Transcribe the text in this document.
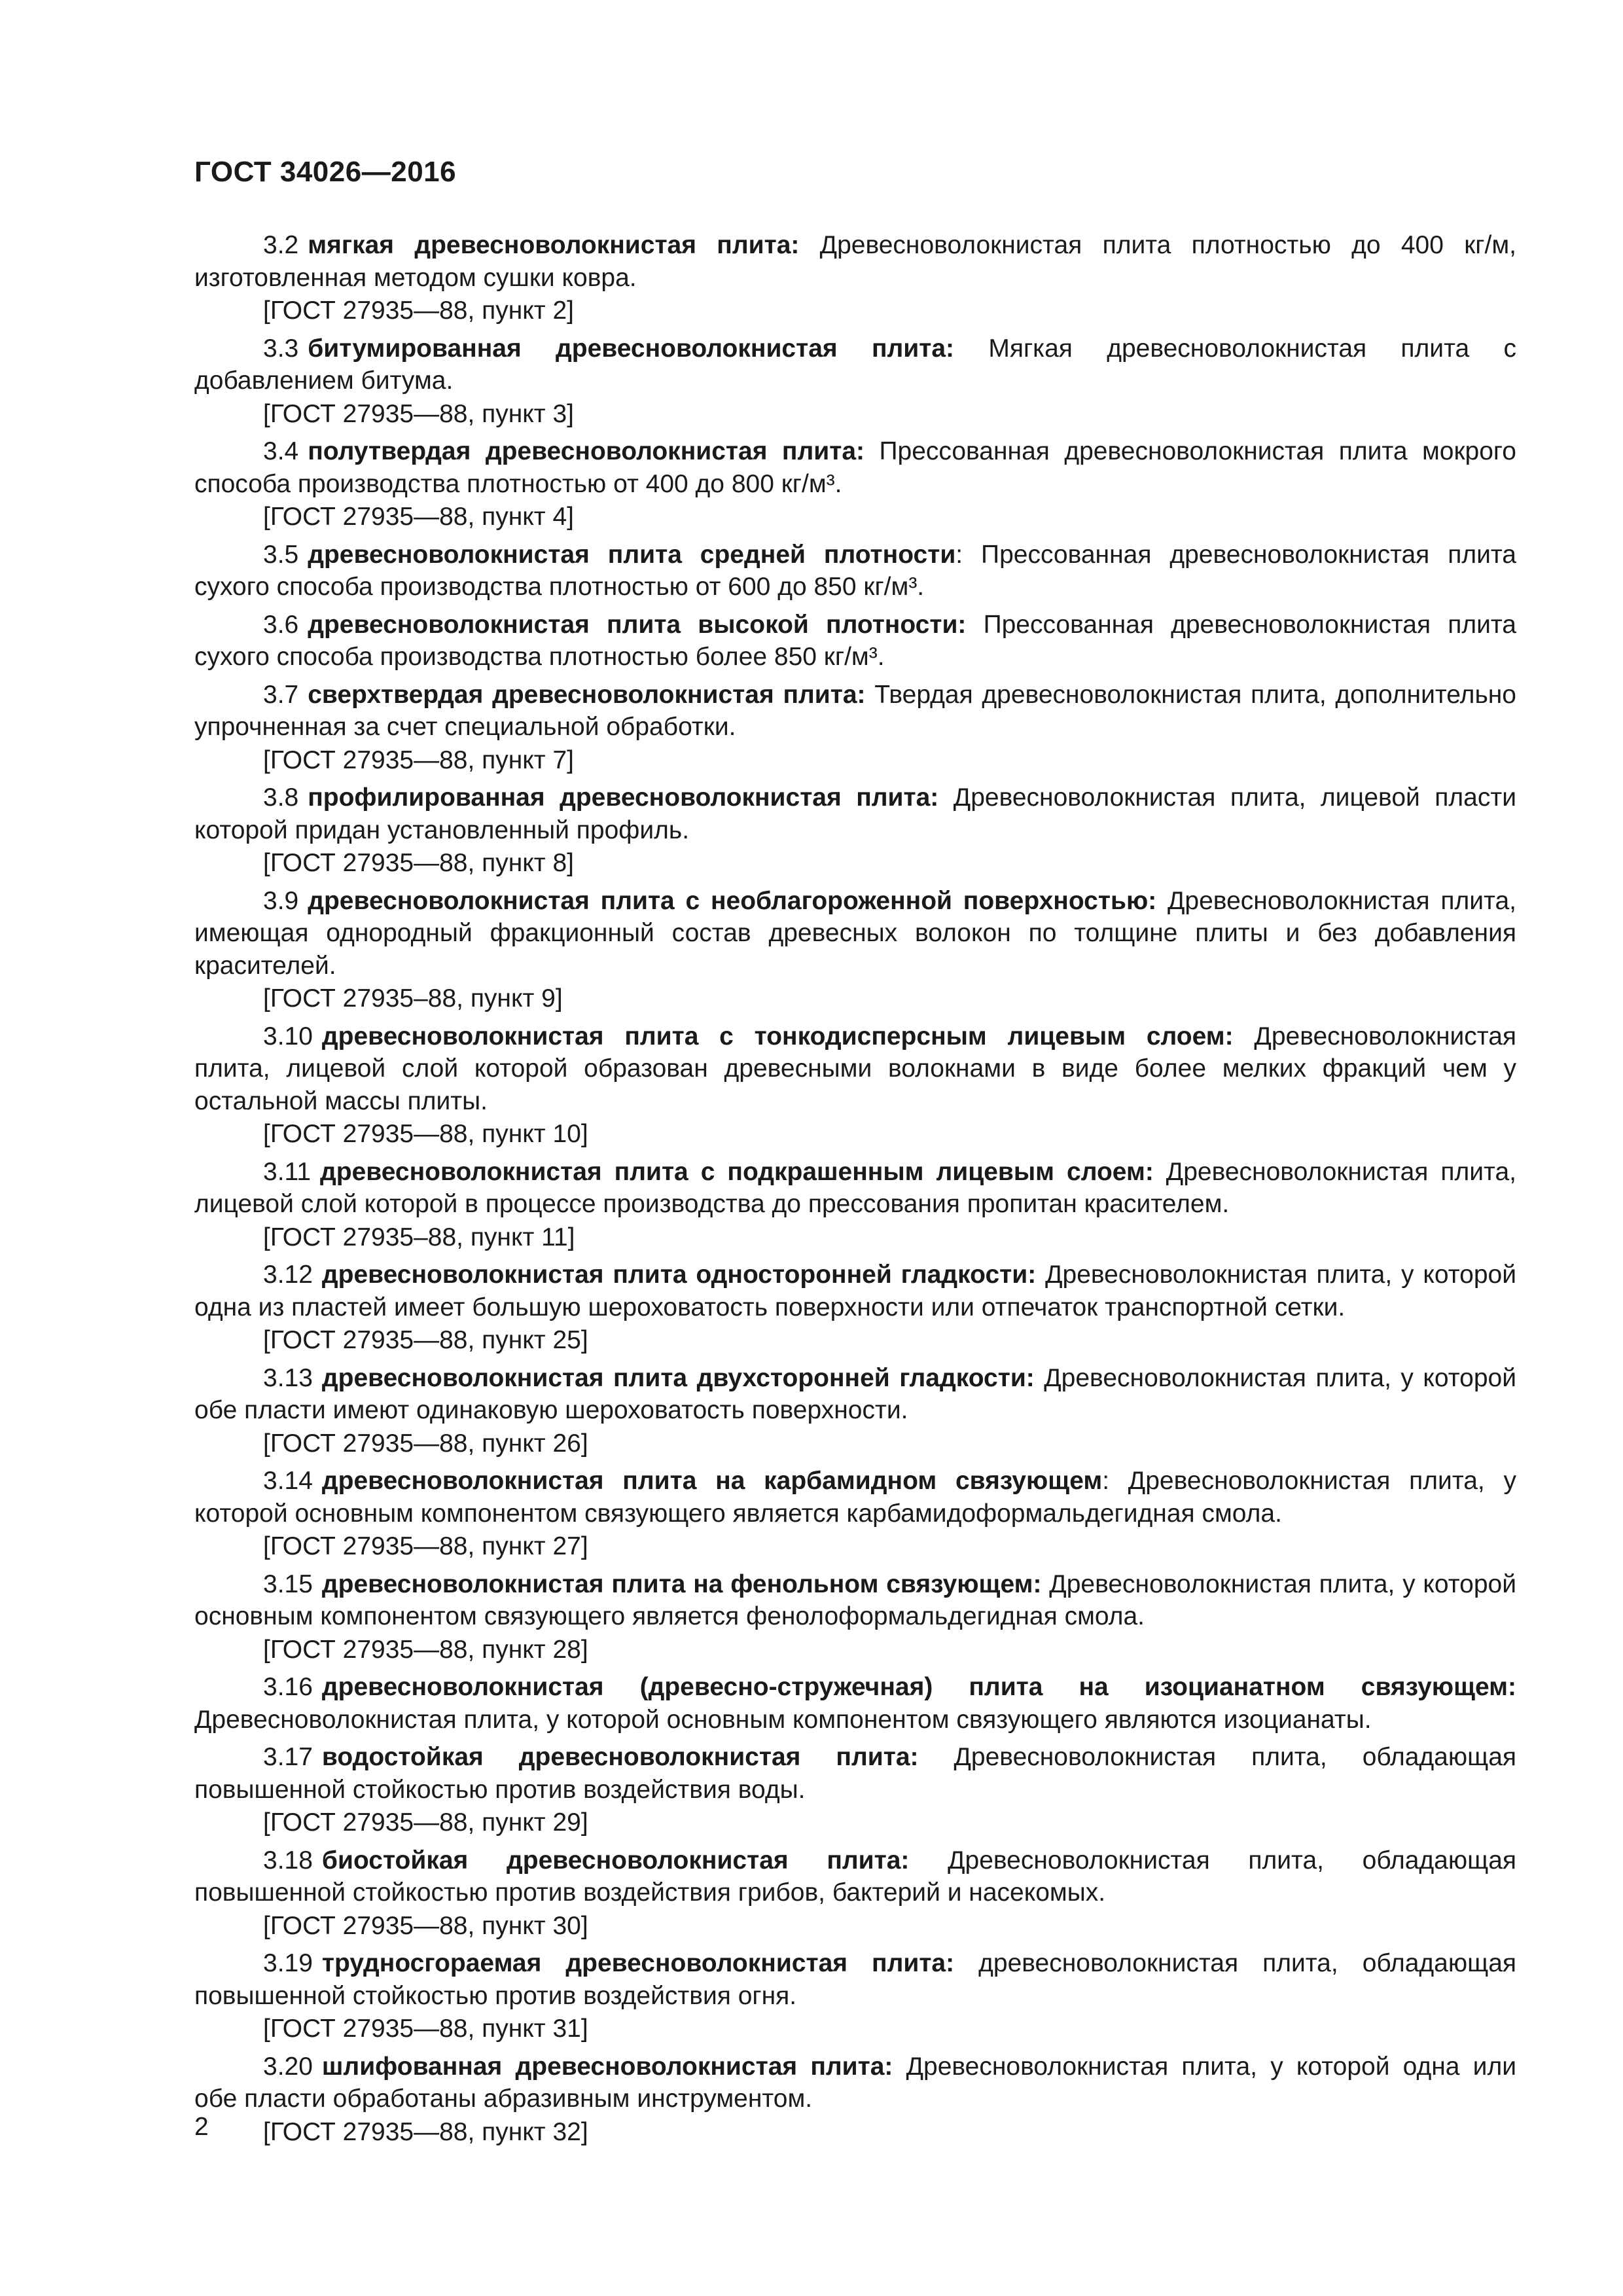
ГОСТ 34026—2016

3.2 мягкая древесноволокнистая плита: Древесноволокнистая плита плотностью до 400 кг/м, изготовленная методом сушки ковра.

[ГОСТ 27935—88, пункт 2]

3.3 битумированная древесноволокнистая плита: Мягкая древесноволокнистая плита с добавлением битума.

[ГОСТ 27935—88, пункт 3]

3.4 полутвердая древесноволокнистая плита: Прессованная древесноволокнистая плита мокрого способа производства плотностью от 400 до 800 кг/м³.

[ГОСТ 27935—88, пункт 4]

3.5 древесноволокнистая плита средней плотности: Прессованная древесноволокнистая плита сухого способа производства плотностью от 600 до 850 кг/м³.

3.6 древесноволокнистая плита высокой плотности: Прессованная древесноволокнистая плита сухого способа производства плотностью более 850 кг/м³.

3.7 сверхтвердая древесноволокнистая плита: Твердая древесноволокнистая плита, дополнительно упрочненная за счет специальной обработки.

[ГОСТ 27935—88, пункт 7]

3.8 профилированная древесноволокнистая плита: Древесноволокнистая плита, лицевой пласти которой придан установленный профиль.

[ГОСТ 27935—88, пункт 8]

3.9 древесноволокнистая плита с необлагороженной поверхностью: Древесноволокнистая плита, имеющая однородный фракционный состав древесных волокон по толщине плиты и без добавления красителей.

[ГОСТ 27935–88, пункт 9]

3.10 древесноволокнистая плита с тонкодисперсным лицевым слоем: Древесноволокнистая плита, лицевой слой которой образован древесными волокнами в виде более мелких фракций чем у остальной массы плиты.

[ГОСТ 27935—88, пункт 10]

3.11 древесноволокнистая плита с подкрашенным лицевым слоем: Древесноволокнистая плита, лицевой слой которой в процессе производства до прессования пропитан красителем.

[ГОСТ 27935–88, пункт 11]

3.12 древесноволокнистая плита односторонней гладкости: Древесноволокнистая плита, у которой одна из пластей имеет большую шероховатость поверхности или отпечаток транспортной сетки.

[ГОСТ 27935—88, пункт 25]

3.13 древесноволокнистая плита двухсторонней гладкости: Древесноволокнистая плита, у которой обе пласти имеют одинаковую шероховатость поверхности.

[ГОСТ 27935—88, пункт 26]

3.14 древесноволокнистая плита на карбамидном связующем: Древесноволокнистая плита, у которой основным компонентом связующего является карбамидоформальдегидная смола.

[ГОСТ 27935—88, пункт 27]

3.15 древесноволокнистая плита на фенольном связующем: Древесноволокнистая плита, у которой основным компонентом связующего является фенолоформальдегидная смола.

[ГОСТ 27935—88, пункт 28]

3.16 древесноволокнистая (древесно-стружечная) плита на изоцианатном связующем: Древесноволокнистая плита, у которой основным компонентом связующего являются изоцианаты.

3.17 водостойкая древесноволокнистая плита: Древесноволокнистая плита, обладающая повышенной стойкостью против воздействия воды.

[ГОСТ 27935—88, пункт 29]

3.18 биостойкая древесноволокнистая плита: Древесноволокнистая плита, обладающая повышенной стойкостью против воздействия грибов, бактерий и насекомых.

[ГОСТ 27935—88, пункт 30]

3.19 трудносгораемая древесноволокнистая плита: древесноволокнистая плита, обладающая повышенной стойкостью против воздействия огня.

[ГОСТ 27935—88, пункт 31]

3.20 шлифованная древесноволокнистая плита: Древесноволокнистая плита, у которой одна или обе пласти обработаны абразивным инструментом.

[ГОСТ 27935—88, пункт 32]

2
